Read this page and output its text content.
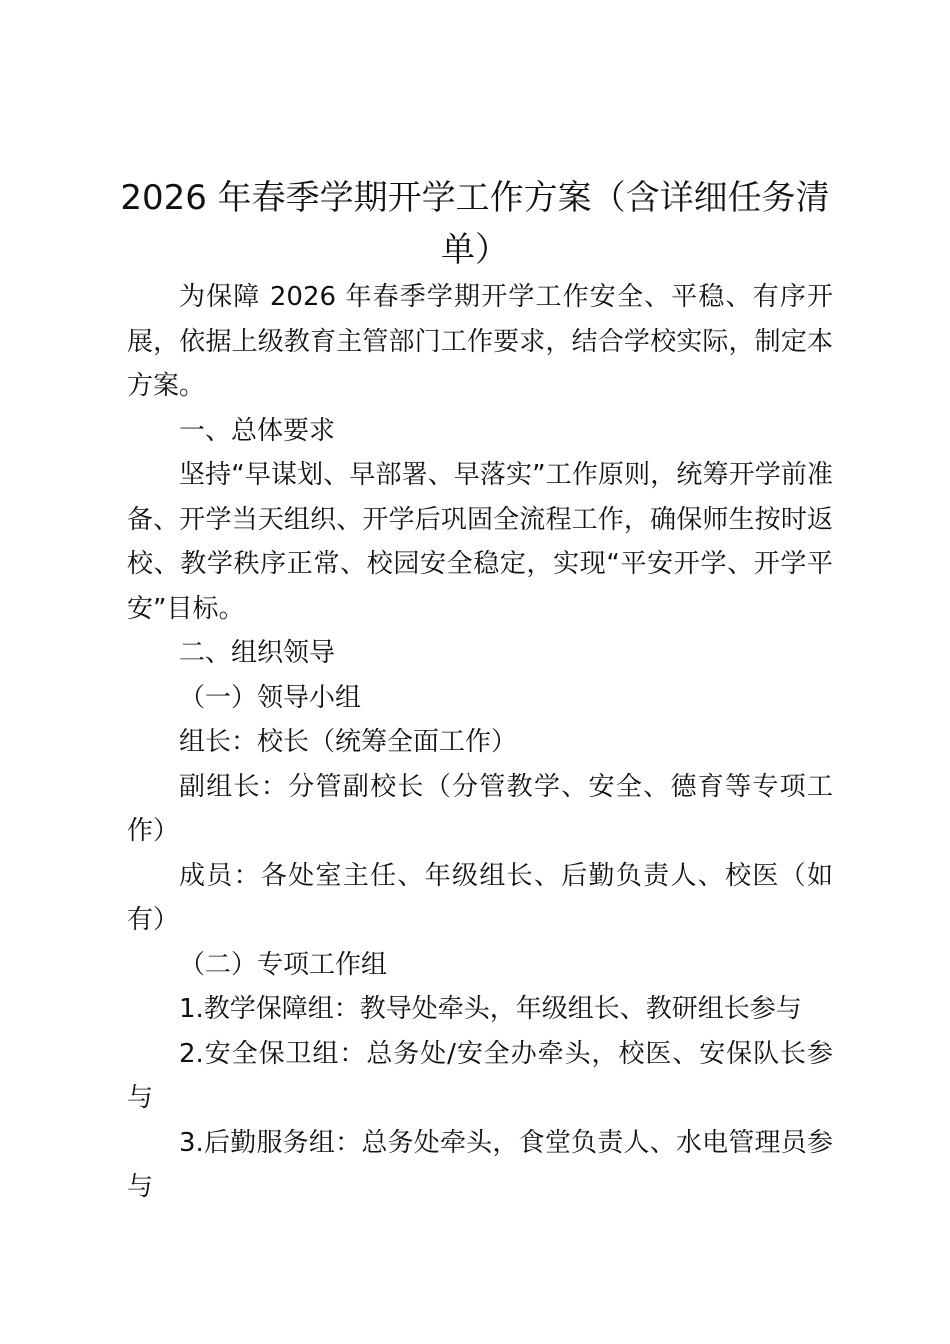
2026 年春季学期开学工作方案（含详细任务清单）

为保障 2026 年春季学期开学工作安全、平稳、有序开展，依据上级教育主管部门工作要求，结合学校实际，制定本方案。

一、总体要求

坚持“早谋划、早部署、早落实”工作原则，统筹开学前准备、开学当天组织、开学后巩固全流程工作，确保师生按时返校、教学秩序正常、校园安全稳定，实现“平安开学、开学平安”目标。

二、组织领导

（一）领导小组

组长：校长（统筹全面工作）

副组长：分管副校长（分管教学、安全、德育等专项工作）

成员：各处室主任、年级组长、后勤负责人、校医（如有）

（二）专项工作组

1.教学保障组：教导处牵头，年级组长、教研组长参与

2.安全保卫组：总务处/安全办牵头，校医、安保队长参与

3.后勤服务组：总务处牵头，食堂负责人、水电管理员参与
